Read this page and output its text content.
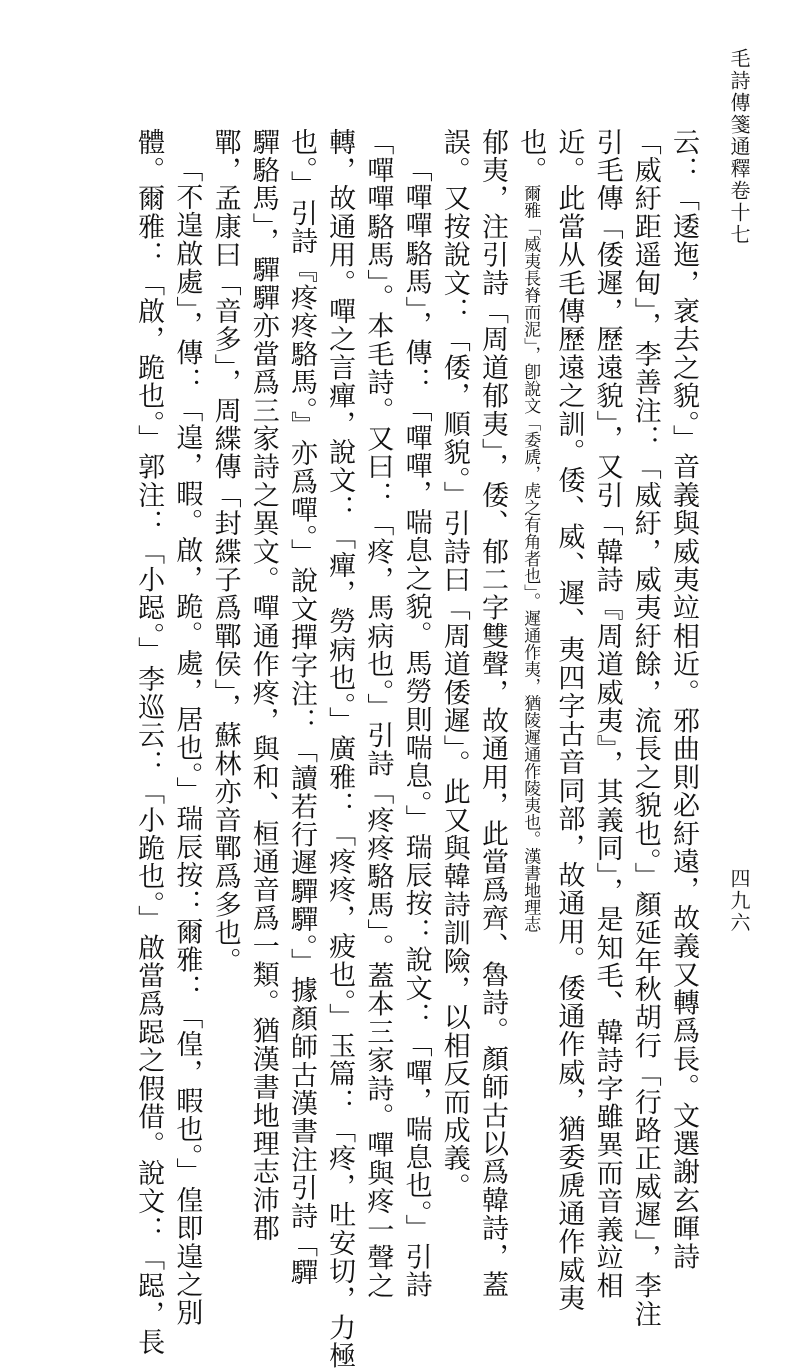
毛詩傳箋通釋卷十七
四九六
云：「逶迤，衺去之貌。」音義與威夷竝相近。邪曲則必紆遠，故義又轉爲長。文選謝玄暉詩
「威紆距遥甸」，李善注：「威紆，威夷紆餘，流長之貌也。」顏延年秋胡行「行路正威遲」，李注
引毛傳「倭遲，歷遠貌」，又引「韓詩『周道威夷』，其義同」，是知毛、韓詩字雖異而音義竝相
近。此當从毛傳歷遠之訓。倭、威、遲、夷四字古音同部，故通用。倭通作威，猶委虒通作威夷
也。爾雅「威夷長脊而泥」，卽說文「委虒，虎之有角者也」。遲通作夷，猶陵遲通作陵夷也。漢書地理志
郁夷，注引詩「周道郁夷」，倭、郁二字雙聲，故通用，此當爲齊、魯詩。顏師古以爲韓詩，蓋
誤。又按說文：「倭，順貌。」引詩曰「周道倭遲」。此又與韓詩訓險，以相反而成義。
「嘽嘽駱馬」，傳：「嘽嘽，喘息之貌。馬勞則喘息。」瑞辰按：說文：「嘽，喘息也。」引詩
「嘽嘽駱馬」。本毛詩。又曰：「疼，馬病也。」引詩「疼疼駱馬」。蓋本三家詩。嘽與疼一聲之
轉，故通用。嘽之言癉，說文：「癉，勞病也。」廣雅：「疼疼，疲也。」玉篇：「疼，吐安切，力極
也。」引詩『疼疼駱馬。』亦爲嘽。」說文撣字注：「讀若行遲驒驒。」據顏師古漢書注引詩「驒
驒駱馬」，驒驒亦當爲三家詩之異文。嘽通作疼，與和、桓通音爲一類。猶漢書地理志沛郡
鄲，孟康曰「音多」，周緤傳「封緤子爲鄲侯」，蘇林亦音鄲爲多也。
「不遑啟處」，傳：「遑，暇。啟，跪。處，居也。」瑞辰按：爾雅：「偟，暇也。」偟即遑之別
體。爾雅：「啟，跪也。」郭注：「小跽。」李巡云：「小跪也。」啟當爲跽之假借。說文：「跽，長
